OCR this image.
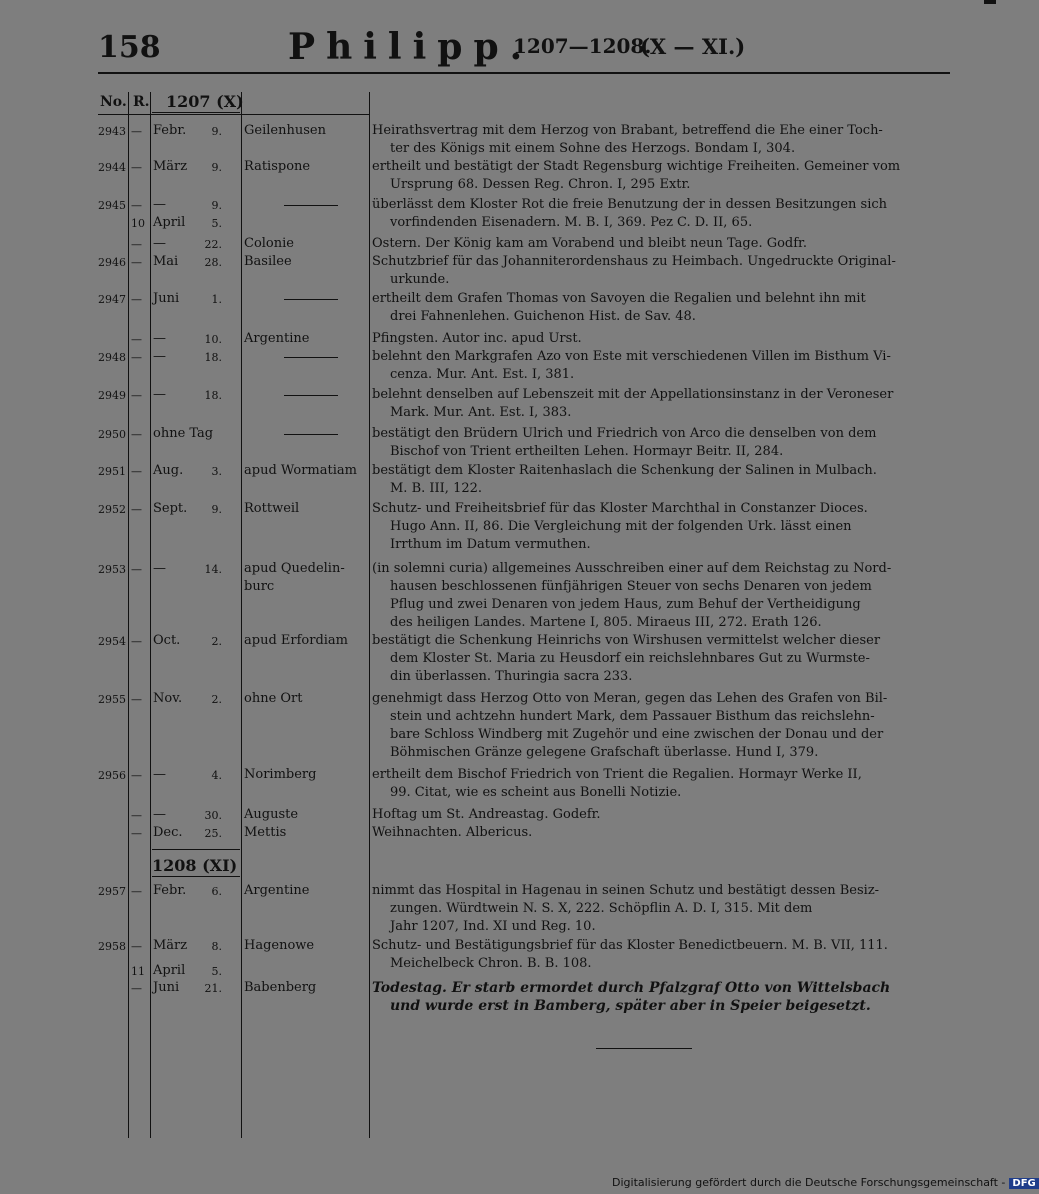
158	Philipp.
1207—1208.
(X — XI.)
No. R. 1207 (X)
1208 (XI)
2943 — Febr.	9. Geilenhusen	Heirathsvertrag mit dem Herzog von Brabant, betreffend die Ehe einer Toch-
ter des Königs mit einem Sohne des Herzogs. Bondam I, 304.
2944 — März	9. Ratispone	ertheilt und bestätigt der Stadt Regensburg wichtige Freiheiten. Gemeiner vom
Ursprung 68. Dessen Reg. Chron. I, 295 Extr.
2945 — —	9.	überlässt dem Kloster Rot die freie Benutzung der in dessen Besitzungen sich
vorfindenden Eisenadern. M. B. I, 369. Pez C. D. II, 65.
10 April	5.
— —	22. Colonie	Ostern. Der König kam am Vorabend und bleibt neun Tage. Godfr.
2946 — Mai	28. Basilee	Schutzbrief für das Johanniterordenshaus zu Heimbach. Ungedruckte Original-
urkunde.
2947 — Juni	1.	ertheilt dem Grafen Thomas von Savoyen die Regalien und belehnt ihn mit
drei Fahnenlehen. Guichenon Hist. de Sav. 48.
— —	10. Argentine	Pfingsten. Autor inc. apud Urst.
2948 — —	18.	belehnt den Markgrafen Azo von Este mit verschiedenen Villen im Bisthum Vi-
cenza. Mur. Ant. Est. I, 381.
2949 — —	18.	belehnt denselben auf Lebenszeit mit der Appellationsinstanz in der Veroneser
Mark. Mur. Ant. Est. I, 383.
2950 — ohne Tag	bestätigt den Brüdern Ulrich und Friedrich von Arco die denselben von dem
Bischof von Trient ertheilten Lehen. Hormayr Beitr. II, 284.
2951 — Aug.	3. apud Wormatiam	bestätigt dem Kloster Raitenhaslach die Schenkung der Salinen in Mulbach.
M. B. III, 122.
2952 — Sept.	9. Rottweil	Schutz- und Freiheitsbrief für das Kloster Marchthal in Constanzer Dioces.
Hugo Ann. II, 86. Die Vergleichung mit der folgenden Urk. lässt einen
Irrthum im Datum vermuthen.
2953 — —	14. apud Quedelin-burc
(in solemni curia) allgemeines Ausschreiben einer auf dem Reichstag zu Nord-
hausen beschlossenen fünfjährigen Steuer von sechs Denaren von jedem
Pflug und zwei Denaren von jedem Haus, zum Behuf der Vertheidigung
des heiligen Landes. Martene I, 805. Miraeus III, 272. Erath 126.
2954 — Oct.	2. apud Erfordiam	bestätigt die Schenkung Heinrichs von Wirshusen vermittelst welcher dieser
dem Kloster St. Maria zu Heusdorf ein reichslehnbares Gut zu Wurmste-
din überlassen. Thuringia sacra 233.
2955 — Nov.	2. ohne Ort	genehmigt dass Herzog Otto von Meran, gegen das Lehen des Grafen von Bil-
stein und achtzehn hundert Mark, dem Passauer Bisthum das reichslehn-
bare Schloss Windberg mit Zugehör und eine zwischen der Donau und der
Böhmischen Gränze gelegene Grafschaft überlasse. Hund I, 379.
2956 — —	4. Norimberg	ertheilt dem Bischof Friedrich von Trient die Regalien. Hormayr Werke II,
99. Citat, wie es scheint aus Bonelli Notizie.
— —	30. Auguste	Hoftag um St. Andreastag. Godefr.
— Dec.	25. Mettis	Weihnachten. Albericus.
2957 — Febr.	6. Argentine	nimmt das Hospital in Hagenau in seinen Schutz und bestätigt dessen Besiz-
zungen. Würdtwein N. S. X, 222. Schöpflin A. D. I, 315. Mit dem
Jahr 1207, Ind. XI und Reg. 10.
2958 — März	8. Hagenowe	Schutz- und Bestätigungsbrief für das Kloster Benedictbeuern. M. B. VII, 111.
Meichelbeck Chron. B. B. 108.
11 April	5.
— Juni	21. Babenberg	Todestag. Er starb ermordet durch Pfalzgraf Otto von Wittelsbach
und wurde erst in Bamberg, später aber in Speier beigesetzt.
Digitalisierung gefördert durch die Deutsche Forschungsgemeinschaft - DFG
